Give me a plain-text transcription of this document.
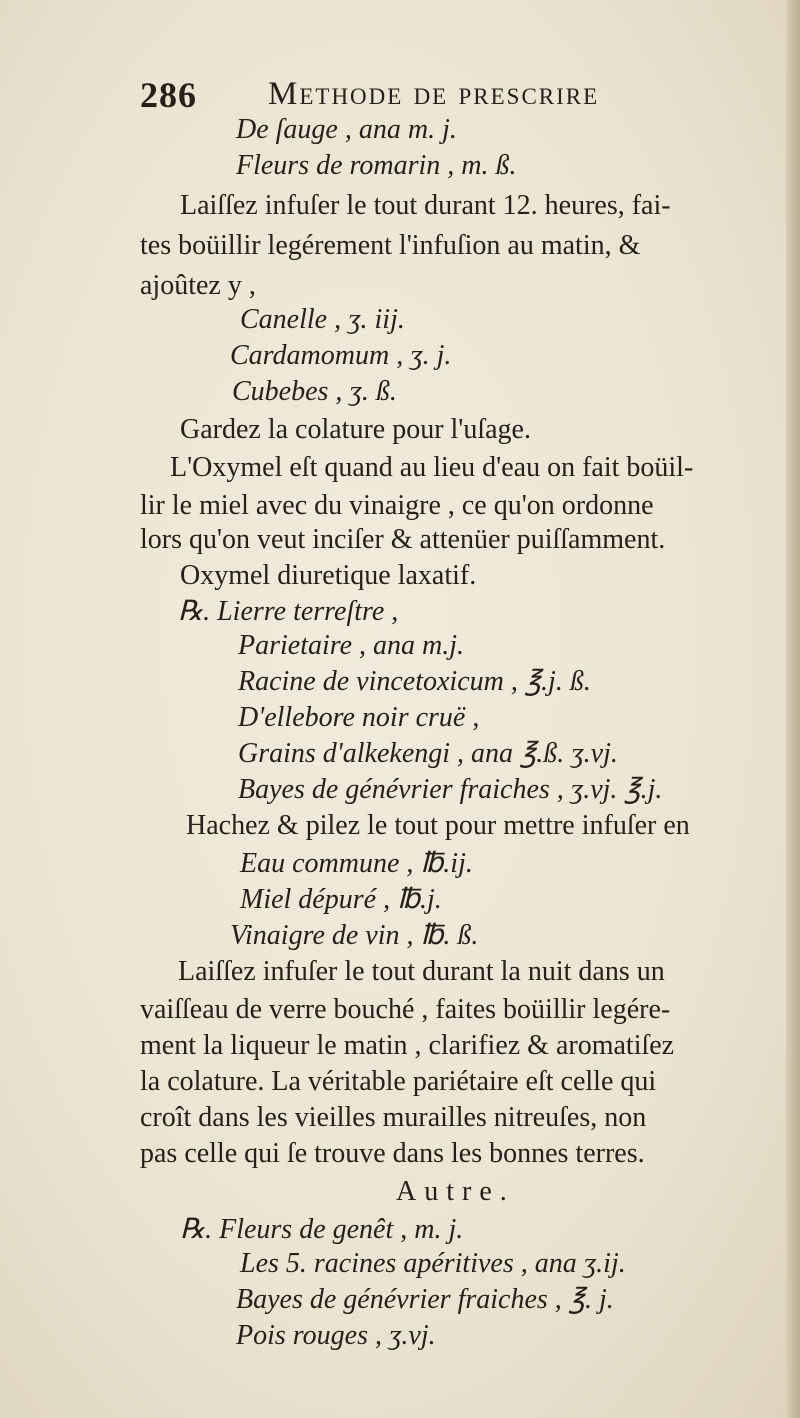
286 Methode de prescrire
De ſauge , ana m. j.
Fleurs de romarin , m. ß.
Laiſſez infuſer le tout durant 12. heures, fai-
tes boüillir legérement l'infuſion au matin, &
ajoûtez y ,
Canelle , ʒ. iij.
Cardamomum , ʒ. j.
Cubebes , ʒ. ß.
Gardez la colature pour l'uſage.
L'Oxymel eſt quand au lieu d'eau on fait boüil-
lir le miel avec du vinaigre , ce qu'on ordonne
lors qu'on veut inciſer & attenüer puiſſamment.
Oxymel diuretique laxatif.
℞. Lierre terreſtre ,
Parietaire , ana m.j.
Racine de vincetoxicum , ℥.j. ß.
D'ellebore noir cruë ,
Grains d'alkekengi , ana ℥.ß. ʒ.vj.
Bayes de génévrier fraiches , ʒ.vj. ℥.j.
Hachez & pilez le tout pour mettre infuſer en
Eau commune , ℔.ij.
Miel dépuré , ℔.j.
Vinaigre de vin , ℔. ß.
Laiſſez infuſer le tout durant la nuit dans un
vaiſſeau de verre bouché , faites boüillir legére-
ment la liqueur le matin , clarifiez & aromatiſez
la colature. La véritable pariétaire eſt celle qui
croît dans les vieilles murailles nitreuſes, non
pas celle qui ſe trouve dans les bonnes terres.
Autre.
℞. Fleurs de genêt , m. j.
Les 5. racines apéritives , ana ʒ.ij.
Bayes de génévrier fraiches , ℥. j.
Pois rouges , ʒ.vj.
